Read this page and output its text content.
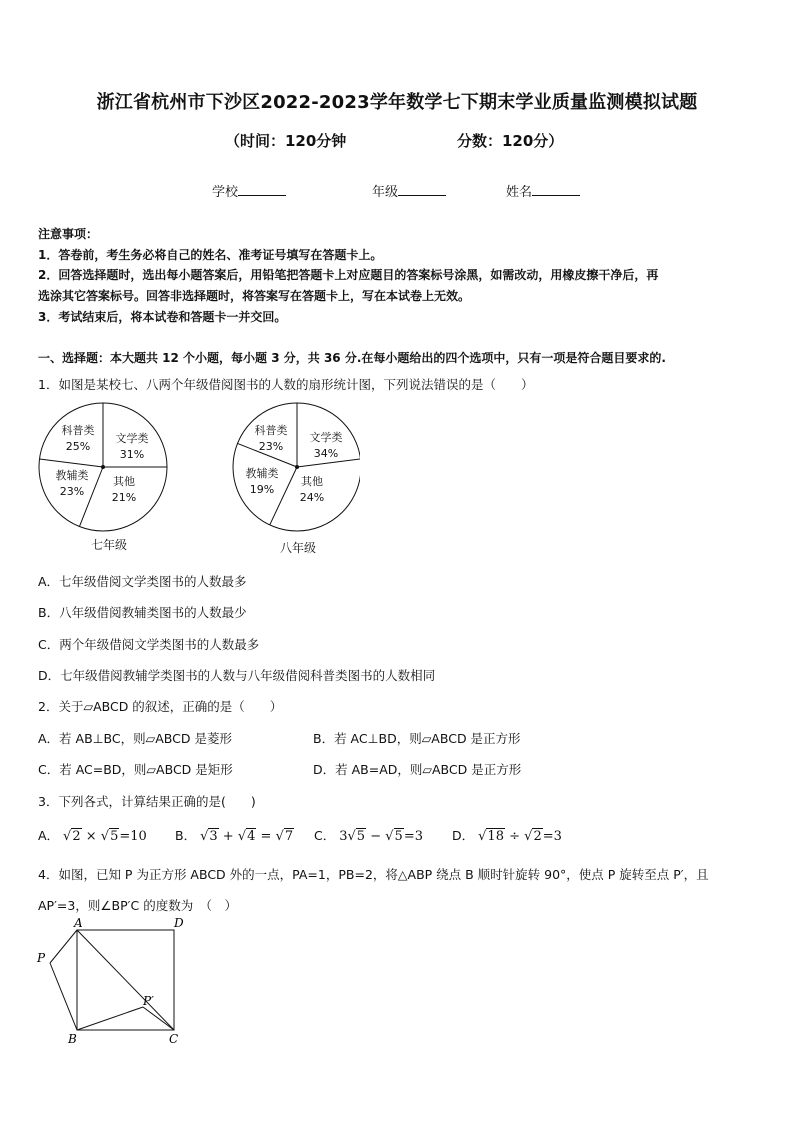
浙江省杭州市下沙区2022-2023学年数学七下期末学业质量监测模拟试题
（时间：120分钟	分数：120分）
学校	年级	姓名
注意事项：
1．答卷前，考生务必将自己的姓名、准考证号填写在答题卡上。
2．回答选择题时，选出每小题答案后，用铅笔把答题卡上对应题目的答案标号涂黑，如需改动，用橡皮擦干净后，再
选涂其它答案标号。回答非选择题时，将答案写在答题卡上，写在本试卷上无效。
3．考试结束后，将本试卷和答题卡一并交回。
一、选择题：本大题共 12 个小题，每小题 3 分，共 36 分.在每小题给出的四个选项中，只有一项是符合题目要求的.
1．如图是某校七、八两个年级借阅图书的人数的扇形统计图，下列说法错误的是（　　）
科普类
25%
文学类
31%
其他
21%
教辅类
23%
七年级
科普类
23%
文学类
34%
其他
24%
教辅类
19%
八年级
A．七年级借阅文学类图书的人数最多
B．八年级借阅教辅类图书的人数最少
C．两个年级借阅文学类图书的人数最多
D．七年级借阅教辅学类图书的人数与八年级借阅科普类图书的人数相同
2．关于▱ABCD 的叙述，正确的是（　　）
A．若 AB⊥BC，则▱ABCD 是菱形	B．若 AC⊥BD，则▱ABCD 是正方形
C．若 AC=BD，则▱ABCD 是矩形	D．若 AB=AD，则▱ABCD 是正方形
3．下列各式，计算结果正确的是(　　)
A． √2 × √5=10 B． √3 + √4 = √7 C． 3√5 − √5=3 D． √18 ÷ √2=3
4．如图，已知 P 为正方形 ABCD 外的一点，PA=1，PB=2，将△ABP 绕点 B 顺时针旋转 90°，使点 P 旋转至点 P′，且
AP′=3，则∠BP′C 的度数为　（　）
A	D
P
P′
B	C
